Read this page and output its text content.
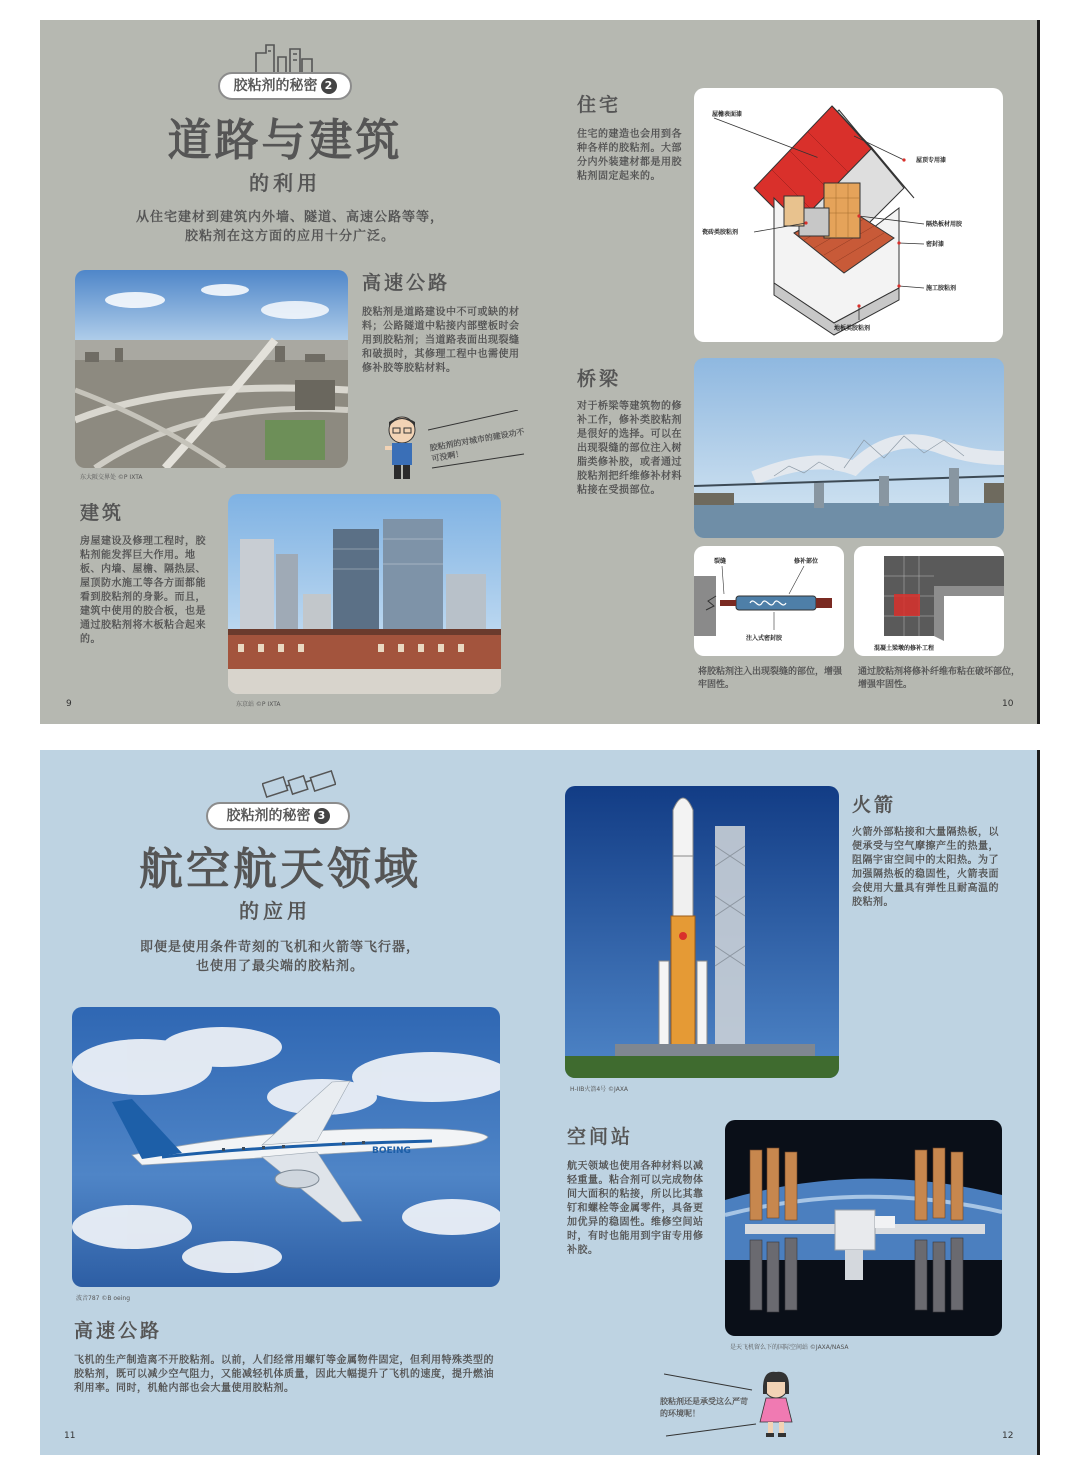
胶粘剂的秘密 2
道路与建筑
的利用
从住宅建材到建筑内外墙、隧道、高速公路等等，
胶粘剂在这方面的应用十分广泛。
东大阪交界处 ©P IXTA
高速公路
胶粘剂是道路建设中不可或缺的材料；公路隧道中粘接内部壁板时会用到胶粘剂；当道路表面出现裂缝和破损时，其修理工程中也需使用修补胶等胶粘材料。
胶粘剂的对城市的建设功不可没啊！
建筑
房屋建设及修理工程时，胶粘剂能发挥巨大作用。地板、内墙、屋檐、隔热层、屋顶防水施工等各方面都能看到胶粘剂的身影。而且，建筑中使用的胶合板，也是通过胶粘剂将木板粘合起来的。
东京站 ©P IXTA
住宅
住宅的建造也会用到各种各样的胶粘剂。大部分内外装建材都是用胶粘剂固定起来的。
屋檐表面漆
屋顶专用漆
瓷砖类胶粘剂
隔热板材用胶
密封漆
施工胶粘剂
地板类胶粘剂
桥梁
对于桥梁等建筑物的修补工作，修补类胶粘剂是很好的选择。可以在出现裂缝的部位注入树脂类修补胶，或者通过胶粘剂把纤维修补材料粘接在受损部位。
裂缝	修补部位
注入式密封胶
将胶粘剂注入出现裂缝的部位，增强牢固性。
混凝土梁墩的修补工程
通过胶粘剂将修补纤维布粘在破坏部位，增强牢固性。
9	10
胶粘剂的秘密 3
航空航天领域
的应用
即便是使用条件苛刻的飞机和火箭等飞行器，
也使用了最尖端的胶粘剂。
BOEING
波音787 ©B oeing
高速公路
飞机的生产制造离不开胶粘剂。以前，人们经常用螺钉等金属物件固定，但利用特殊类型的胶粘剂，既可以减少空气阻力，又能减轻机体质量，因此大幅提升了飞机的速度，提升燃油利用率。同时，机舱内部也会大量使用胶粘剂。
H-IIB火箭4号 ©JAXA
火箭
火箭外部粘接和大量隔热板，以便承受与空气摩擦产生的热量，阻隔宇宙空间中的太阳热。为了加强隔热板的稳固性，火箭表面会使用大量具有弹性且耐高温的胶粘剂。
空间站
航天领域也使用各种材料以减轻重量。粘合剂可以完成物体间大面积的粘接，所以比其靠钉和螺栓等金属零件，具备更加优异的稳固性。维修空间站时，有时也能用到宇宙专用修补胶。
是天飞机留么下的国际空间站 ©JAXA/NASA
胶粘剂还是承受这么严苛的环境呢！
11	12
